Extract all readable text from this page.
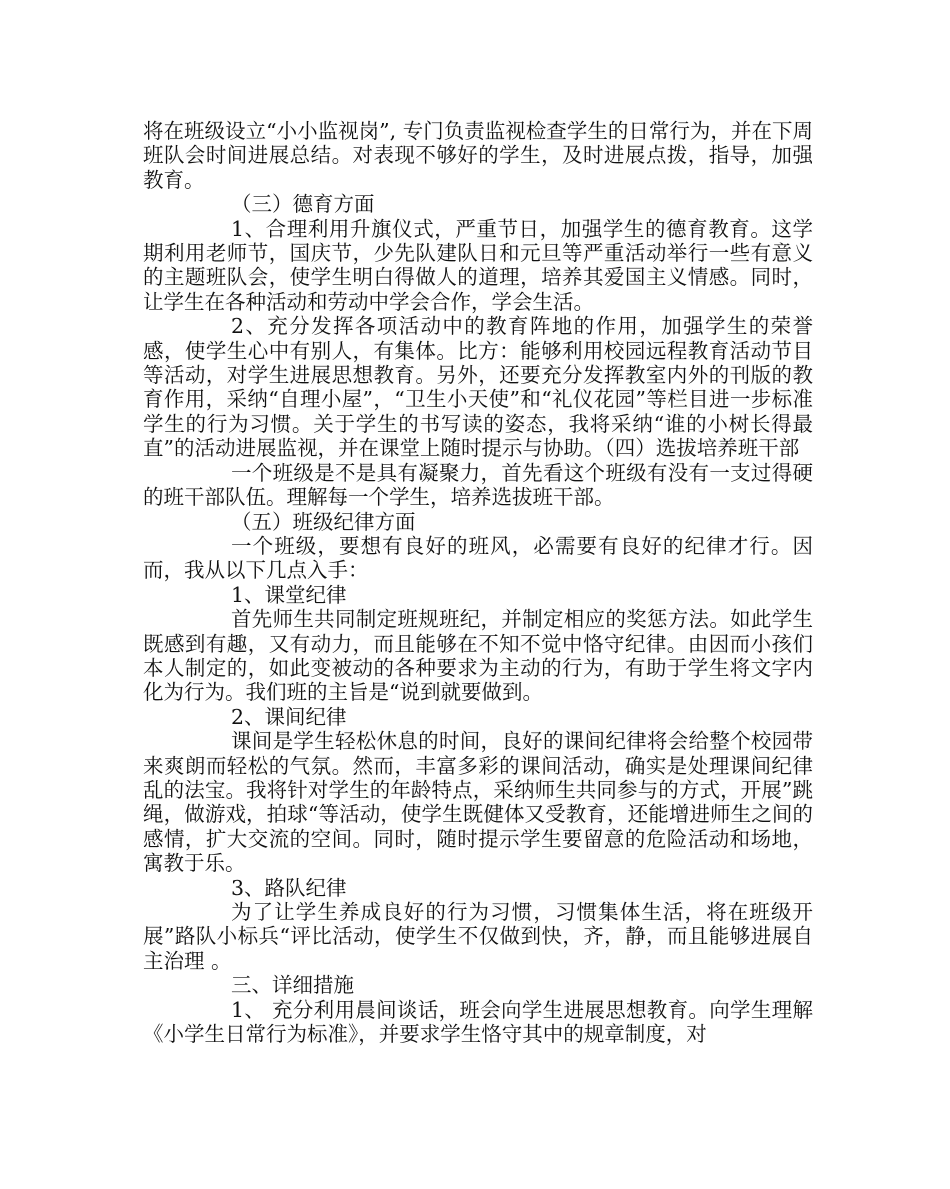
将在班级设立“小小监视岗”, 专门负责监视检查学生的日常行为，并在下周班队会时间进展总结。对表现不够好的学生，及时进展点拨，指导，加强教育。

（三）德育方面

1、合理利用升旗仪式，严重节日，加强学生的德育教育。这学期利用老师节，国庆节，少先队建队日和元旦等严重活动举行一些有意义的主题班队会，使学生明白得做人的道理，培养其爱国主义情感。同时，让学生在各种活动和劳动中学会合作，学会生活。

2、充分发挥各项活动中的教育阵地的作用，加强学生的荣誉感，使学生心中有别人，有集体。比方：能够利用校园远程教育活动节目等活动，对学生进展思想教育。另外，还要充分发挥教室内外的刊版的教育作用，采纳“自理小屋”，“卫生小天使”和“礼仪花园”等栏目进一步标准学生的行为习惯。关于学生的书写读的姿态，我将采纳“谁的小树长得最直”的活动进展监视，并在课堂上随时提示与协助。（四）选拔培养班干部

一个班级是不是具有凝聚力，首先看这个班级有没有一支过得硬的班干部队伍。理解每一个学生，培养选拔班干部。

（五）班级纪律方面

一个班级，要想有良好的班风，必需要有良好的纪律才行。因而，我从以下几点入手：

1、课堂纪律

首先师生共同制定班规班纪，并制定相应的奖惩方法。如此学生既感到有趣，又有动力，而且能够在不知不觉中恪守纪律。由因而小孩们本人制定的，如此变被动的各种要求为主动的行为，有助于学生将文字内化为行为。我们班的主旨是“说到就要做到。

2、课间纪律

课间是学生轻松休息的时间，良好的课间纪律将会给整个校园带来爽朗而轻松的气氛。然而，丰富多彩的课间活动，确实是处理课间纪律乱的法宝。我将针对学生的年龄特点，采纳师生共同参与的方式，开展”跳绳，做游戏，拍球“等活动，使学生既健体又受教育，还能增进师生之间的感情，扩大交流的空间。同时，随时提示学生要留意的危险活动和场地，寓教于乐。

3、路队纪律

为了让学生养成良好的行为习惯，习惯集体生活，将在班级开展”路队小标兵“评比活动，使学生不仅做到快，齐，静，而且能够进展自主治理 。

三、详细措施

1、 充分利用晨间谈话，班会向学生进展思想教育。向学生理解《小学生日常行为标准》，并要求学生恪守其中的规章制度，对
